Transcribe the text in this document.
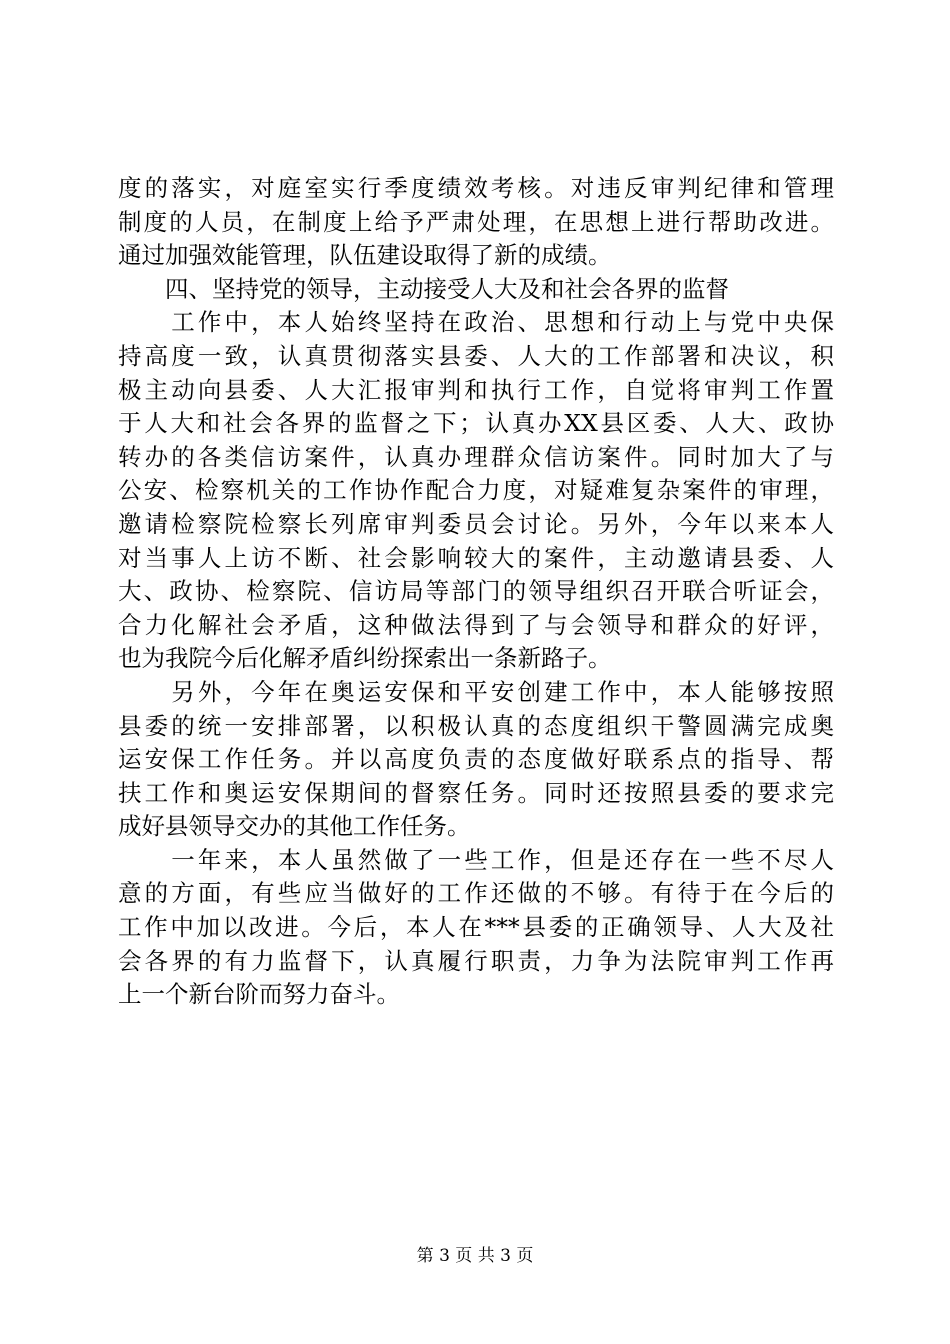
度的落实，对庭室实行季度绩效考核。对违反审判纪律和管理
制度的人员，在制度上给予严肃处理，在思想上进行帮助改进。
通过加强效能管理，队伍建设取得了新的成绩。
　　四、坚持党的领导，主动接受人大及和社会各界的监督
　　工作中，本人始终坚持在政治、思想和行动上与党中央保
持高度一致，认真贯彻落实县委、人大的工作部署和决议，积
极主动向县委、人大汇报审判和执行工作，自觉将审判工作置
于人大和社会各界的监督之下；认真办XX县区委、人大、政协
转办的各类信访案件，认真办理群众信访案件。同时加大了与
公安、检察机关的工作协作配合力度，对疑难复杂案件的审理，
邀请检察院检察长列席审判委员会讨论。另外，今年以来本人
对当事人上访不断、社会影响较大的案件，主动邀请县委、人
大、政协、检察院、信访局等部门的领导组织召开联合听证会，
合力化解社会矛盾，这种做法得到了与会领导和群众的好评，
也为我院今后化解矛盾纠纷探索出一条新路子。
　　另外，今年在奥运安保和平安创建工作中，本人能够按照
县委的统一安排部署，以积极认真的态度组织干警圆满完成奥
运安保工作任务。并以高度负责的态度做好联系点的指导、帮
扶工作和奥运安保期间的督察任务。同时还按照县委的要求完
成好县领导交办的其他工作任务。
　　一年来，本人虽然做了一些工作，但是还存在一些不尽人
意的方面，有些应当做好的工作还做的不够。有待于在今后的
工作中加以改进。今后，本人在***县委的正确领导、人大及社
会各界的有力监督下，认真履行职责，力争为法院审判工作再
上一个新台阶而努力奋斗。
第 3 页 共 3 页
